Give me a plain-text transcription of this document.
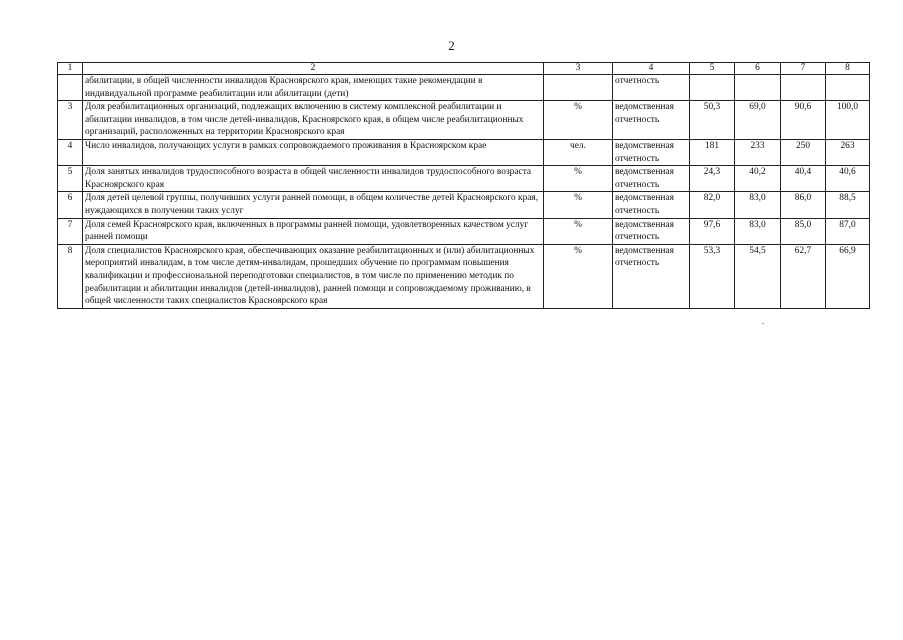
2
1	2	3	4	5	6	7	8
	абилитации, в общей численности инвалидов Красноярского края, имеющих такие рекомендации в индивидуальной программе реабилитации или абилитации (дети)		отчетность				
3	Доля реабилитационных организаций, подлежащих включению в систему комплексной реабилитации и абилитации инвалидов, в том числе детей-инвалидов, Красноярского края, в общем числе реабилитационных организаций, расположенных на территории Красноярского края	%	ведомственная отчетность	50,3	69,0	90,6	100,0
4	Число инвалидов, получающих услуги в рамках сопровождаемого проживания в Красноярском крае	чел.	ведомственная отчетность	181	233	250	263
5	Доля занятых инвалидов трудоспособного возраста в общей численности инвалидов трудоспособного возраста Красноярского края	%	ведомственная отчетность	24,3	40,2	40,4	40,6
6	Доля детей целевой группы, получивших услуги ранней помощи, в общем количестве детей Красноярского края, нуждающихся в получении таких услуг	%	ведомственная отчетность	82,0	83,0	86,0	88,5
7	Доля семей Красноярского края, включенных в программы ранней помощи, удовлетворенных качеством услуг ранней помощи	%	ведомственная отчетность	97,6	83,0	85,0	87,0
8	Доля специалистов Красноярского края, обеспечивающих оказание реабилитационных и (или) абилитационных мероприятий инвалидам, в том числе детям-инвалидам, прошедших обучение по программам повышения квалификации и профессиональной переподготовки специалистов, в том числе по применению методик по реабилитации и абилитации инвалидов (детей-инвалидов), ранней помощи и сопровождаемому проживанию, в общей численности таких специалистов Красноярского края	%	ведомственная отчетность	53,3	54,5	62,7	66,9
